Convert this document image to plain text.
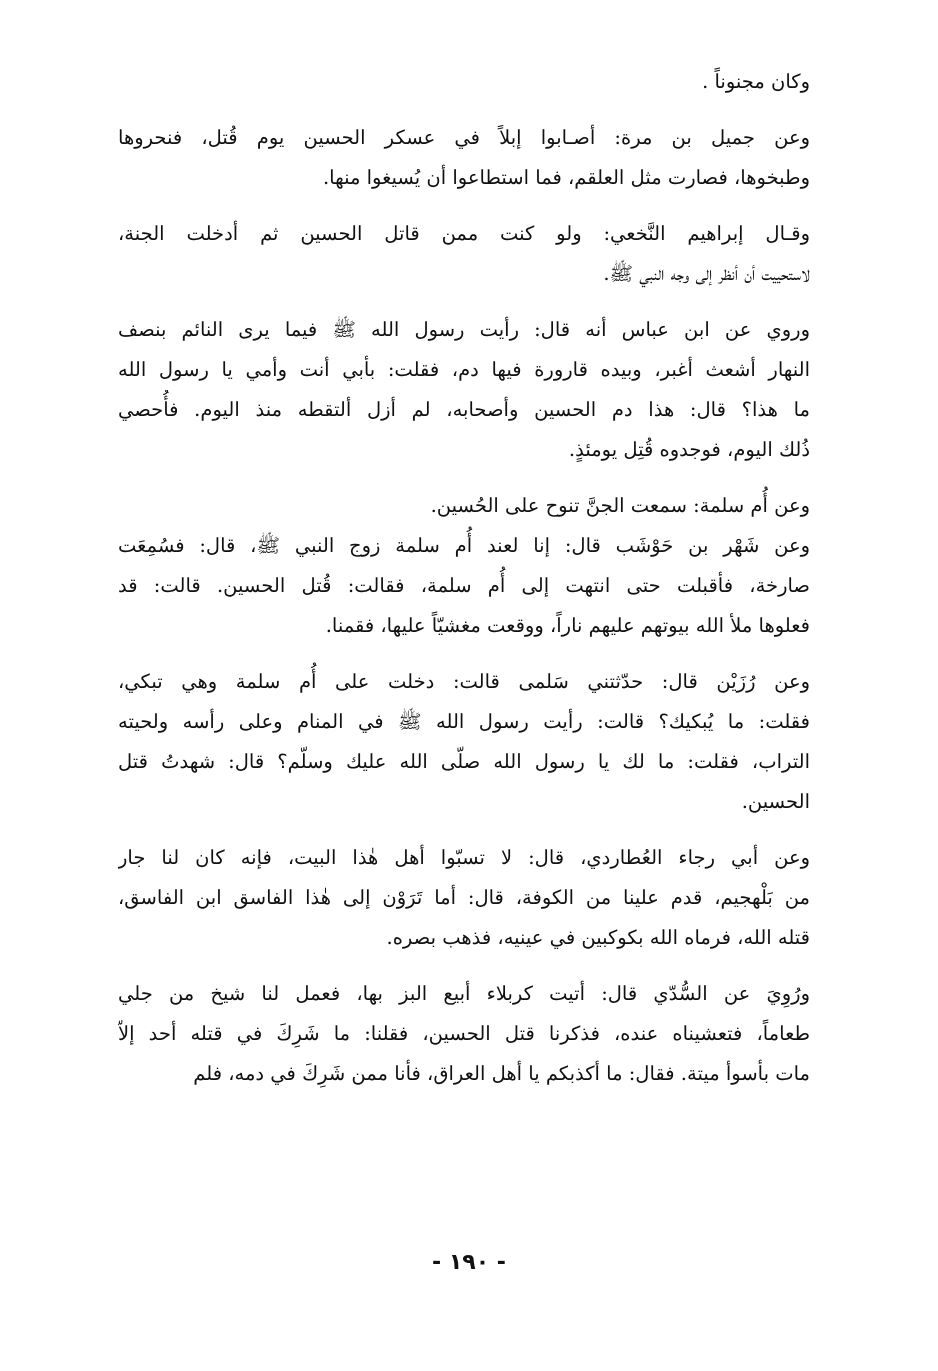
وكان مجنوناً .
وعن جميل بن مرة: أصـابوا إبلاً في عسكر الحسين يوم قُتل، فنحروها
وطبخوها، فصارت مثل العلقم، فما استطاعوا أن يُسيغوا منها.
وقـال إبراهيم النَّخعي: ولو كنت ممن قاتل الحسين ثم أدخلت الجنة،
لاستحييت أن أنظر إلى وجه النبي ﷺ.
وروي عن ابن عباس أنه قال: رأيت رسول الله ﷺ فيما يرى النائم بنصف
النهار أشعث أغبر، وبيده قارورة فيها دم، فقلت: بأبي أنت وأمي يا رسول الله
ما هذا؟ قال: هذا دم الحسين وأصحابه، لم أزل ألتقطه منذ اليوم. فأُحصي
ذُلك اليوم، فوجدوه قُتِل يومئذٍ.
وعن أُم سلمة: سمعت الجنَّ تنوح على الحُسين.
وعن شَهْر بن حَوْشَب قال: إنا لعند أُم سلمة زوج النبي ﷺ، قال: فسُمِعَت
صارخة، فأقبلت حتى انتهت إلى أُم سلمة، فقالت: قُتل الحسين. قالت: قد
فعلوها ملأ الله بيوتهم عليهم ناراً، ووقعت مغشيّاً عليها، فقمنا.
وعن رُزَيْن قال: حدّثتني سَلمى قالت: دخلت على أُم سلمة وهي تبكي،
فقلت: ما يُبكيك؟ قالت: رأيت رسول الله ﷺ في المنام وعلى رأسه ولحيته
التراب، فقلت: ما لك يا رسول الله صلّى الله عليك وسلّم؟ قال: شهدتُ قتل
الحسين.
وعن أبي رجاء العُطاردي، قال: لا تسبّوا أهل هٰذا البيت، فإنه كان لنا جار
من بَلْهجيم، قدم علينا من الكوفة، قال: أما تَرَوْن إلى هٰذا الفاسق ابن الفاسق،
قتله الله، فرماه الله بكوكبين في عينيه، فذهب بصره.
ورُوِيَ عن السُّدّي قال: أتيت كربلاء أبيع البز بها، فعمل لنا شيخ من جلي
طعاماً، فتعشيناه عنده، فذكرنا قتل الحسين، فقلنا: ما شَرِكَ في قتله أحد إلاّ
مات بأسوأ ميتة. فقال: ما أكذبكم يا أهل العراق، فأنا ممن شَرِكَ في دمه، فلم
- ١٩٠ -
